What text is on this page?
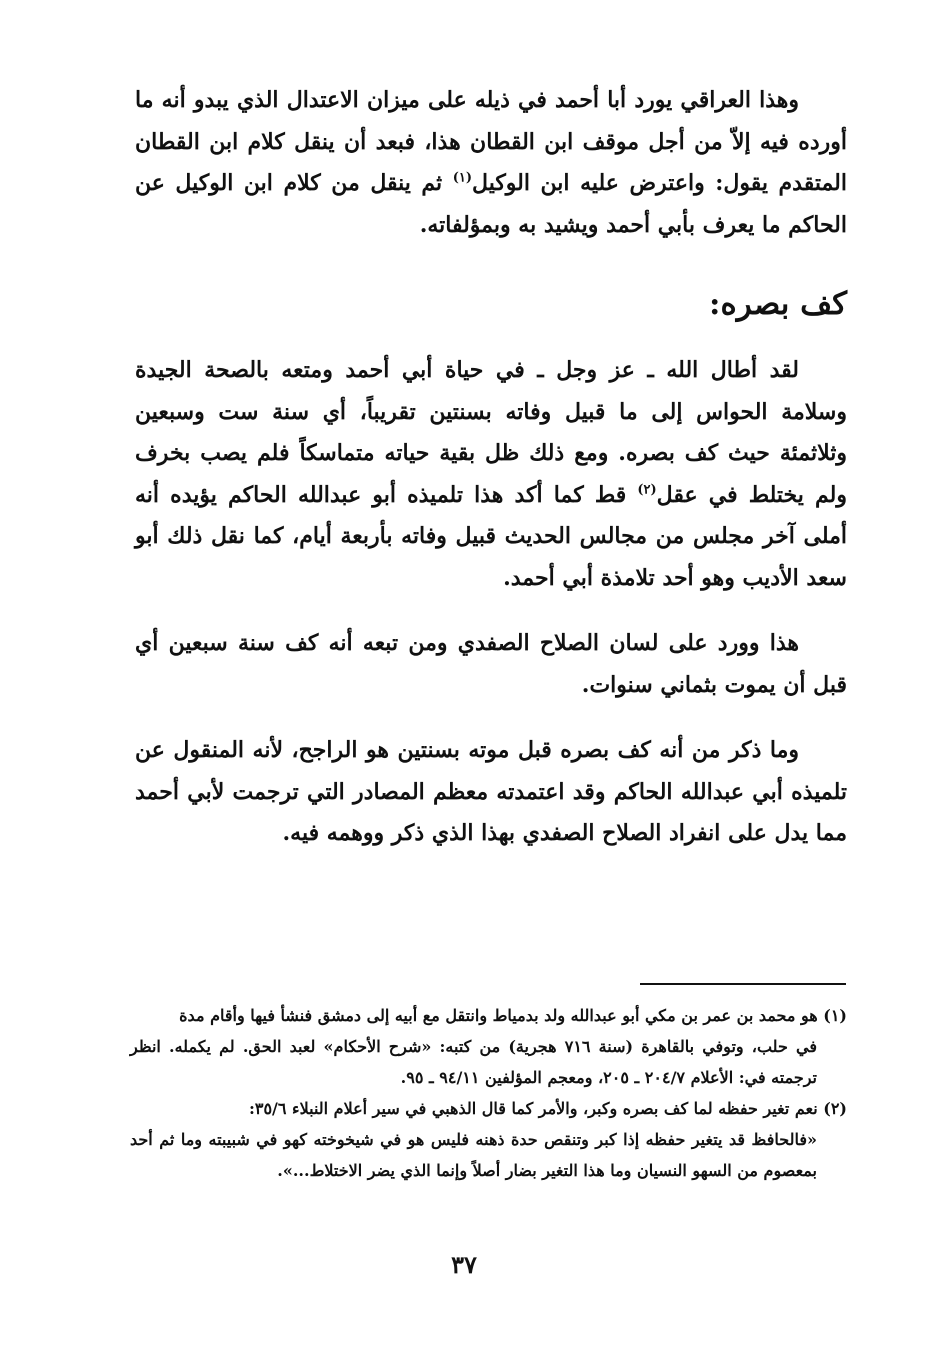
وهذا العراقي يورد أبا أحمد في ذيله على ميزان الاعتدال الذي يبدو أنه ما أورده فيه إلاّ من أجل موقف ابن القطان هذا، فبعد أن ينقل كلام ابن القطان المتقدم يقول: واعترض عليه ابن الوكيل$^{(١)}$ ثم ينقل من كلام ابن الوكيل عن الحاكم ما يعرف بأبي أحمد ويشيد به وبمؤلفاته.

كف بصره:

لقد أطال الله ـ عز وجل ـ في حياة أبي أحمد ومتعه بالصحة الجيدة وسلامة الحواس إلى ما قبيل وفاته بسنتين تقريباً، أي سنة ست وسبعين وثلاثمئة حيث كف بصره. ومع ذلك ظل بقية حياته متماسكاً فلم يصب بخرف ولم يختلط في عقل$^{(٢)}$ قط كما أكد هذا تلميذه أبو عبدالله الحاكم يؤيده أنه أملى آخر مجلس من مجالس الحديث قبيل وفاته بأربعة أيام، كما نقل ذلك أبو سعد الأديب وهو أحد تلامذة أبي أحمد.

هذا وورد على لسان الصلاح الصفدي ومن تبعه أنه كف سنة سبعين أي قبل أن يموت بثماني سنوات.

وما ذكر من أنه كف بصره قبل موته بسنتين هو الراجح، لأنه المنقول عن تلميذه أبي عبدالله الحاكم وقد اعتمدته معظم المصادر التي ترجمت لأبي أحمد مما يدل على انفراد الصلاح الصفدي بهذا الذي ذكر ووهمه فيه.

(١) هو محمد بن عمر بن مكي أبو عبدالله ولد بدمياط وانتقل مع أبيه إلى دمشق فنشأ فيها وأقام مدة

في حلب، وتوفي بالقاهرة (سنة ٧١٦ هجرية) من كتبه: «شرح الأحكام» لعبد الحق. لم يكمله. انظر ترجمته في: الأعلام ٢٠٤/٧ ـ ٢٠٥، ومعجم المؤلفين ٩٤/١١ ـ ٩٥.

(٢) نعم تغير حفظه لما كف بصره وكبر، والأمر كما قال الذهبي في سير أعلام النبلاء ٣٥/٦:

«فالحافظ قد يتغير حفظه إذا كبر وتنقص حدة ذهنه فليس هو في شيخوخته كهو في شبيبته وما ثم أحد بمعصوم من السهو النسيان وما هذا التغير بضار أصلاً وإنما الذي يضر الاختلاط...».

٣٧
